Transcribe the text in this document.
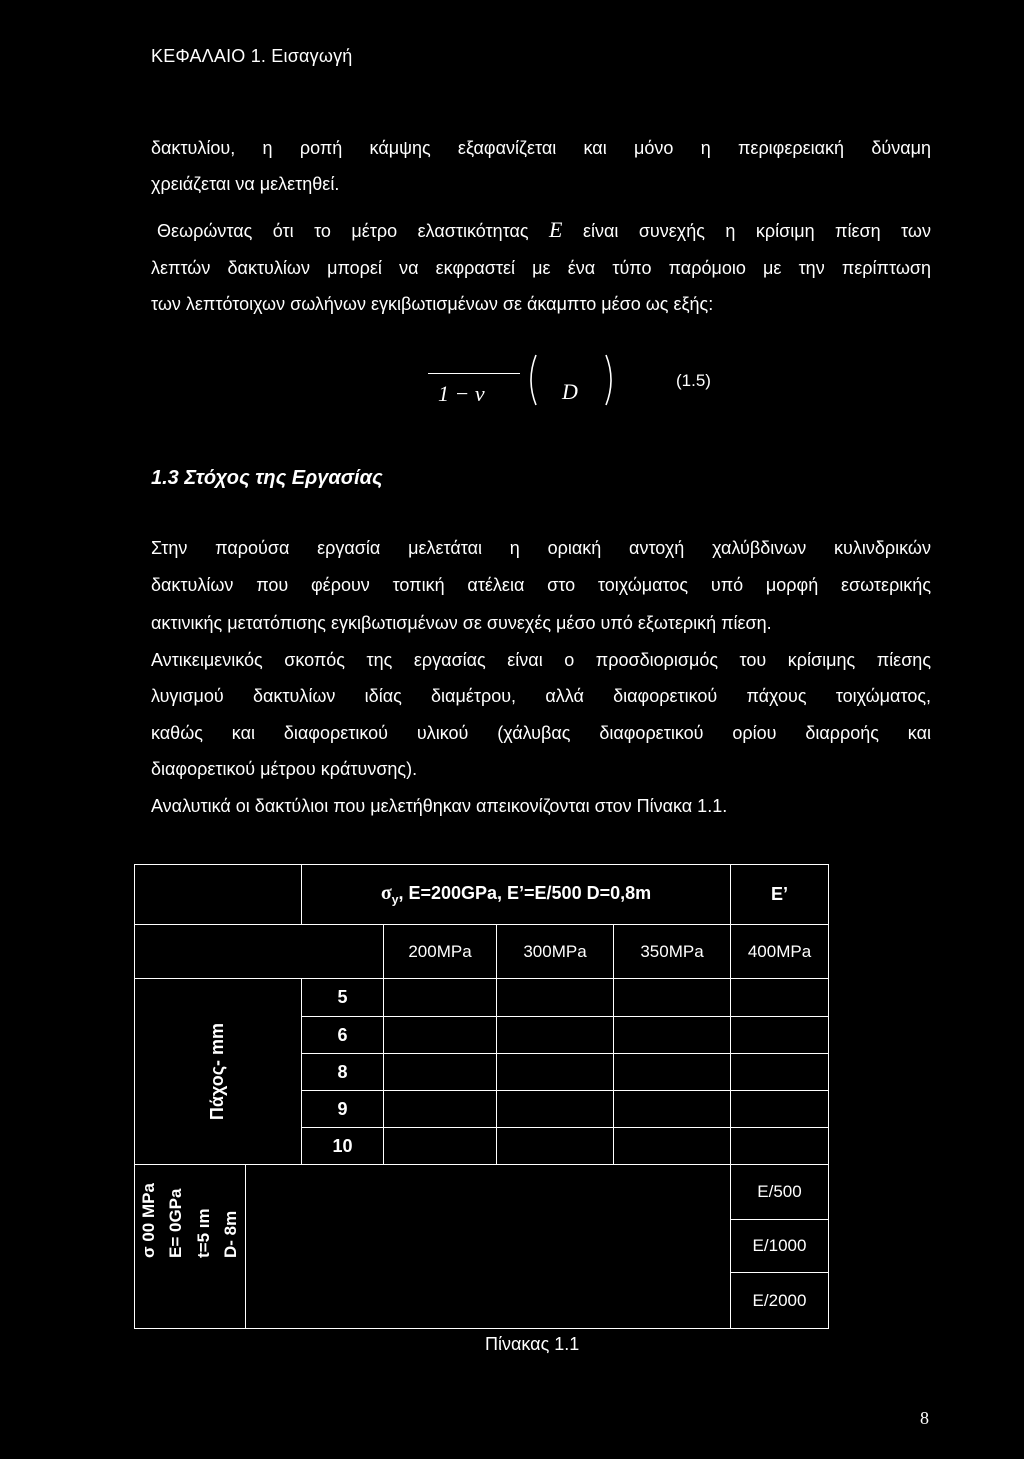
ΚΕΦΑΛΑΙΟ 1. Εισαγωγή
δακτυλίου, η ροπή κάμψης εξαφανίζεται και μόνο η περιφερειακή δύναμη
χρειάζεται να μελετηθεί.
Θεωρώντας ότι το μέτρο ελαστικότητας E είναι συνεχής η κρίσιμη πίεση των
λεπτών δακτυλίων μπορεί να εκφραστεί με ένα τύπο παρόμοιο με την περίπτωση
των λεπτότοιχων σωλήνων εγκιβωτισμένων σε άκαμπτο μέσο ως εξής:
1 − ν	D	(1.5)
1.3 Στόχος της Εργασίας
Στην παρούσα εργασία μελετάται η οριακή αντοχή χαλύβδινων κυλινδρικών
δακτυλίων που φέρουν τοπική ατέλεια στο τοιχώματος υπό μορφή εσωτερικής
ακτινικής μετατόπισης εγκιβωτισμένων σε συνεχές μέσο υπό εξωτερική πίεση.
Αντικειμενικός σκοπός της εργασίας είναι ο προσδιορισμός του κρίσιμης πίεσης
λυγισμού δακτυλίων ιδίας διαμέτρου, αλλά διαφορετικού πάχους τοιχώματος,
καθώς και διαφορετικού υλικού (χάλυβας διαφορετικού ορίου διαρροής και
διαφορετικού μέτρου κράτυνσης).
Αναλυτικά οι δακτύλιοι που μελετήθηκαν απεικονίζονται στον Πίνακα 1.1.
		$\sigma_y$, E=200GPa, E’=E/500 D=0,8m				E’
			200MPa	300MPa	350MPa	400MPa
Πάχος- mm		5				
		6				
		8				
		9				
		10				

σ 00 MPa E= 0GPa t=5 ım D- 8m						E/500
						E/1000
						E/2000
Πίνακας 1.1
8
